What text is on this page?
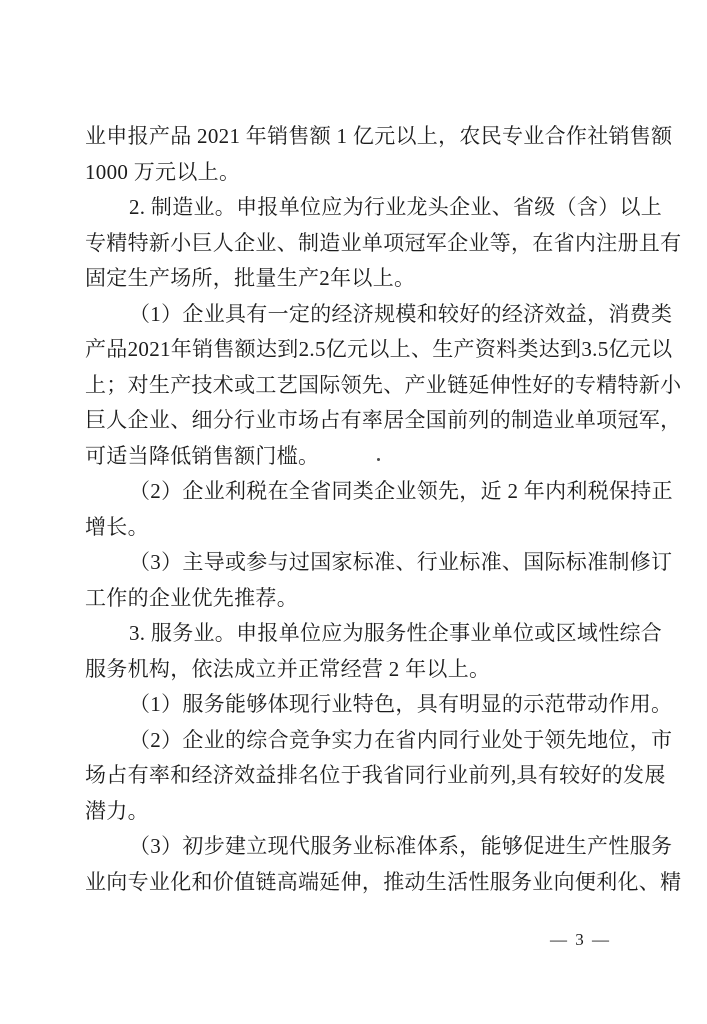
业申报产品 2021 年销售额 1 亿元以上，农民专业合作社销售额
1000 万元以上。
2. 制造业。申报单位应为行业龙头企业、省级（含）以上
专精特新小巨人企业、制造业单项冠军企业等，在省内注册且有
固定生产场所，批量生产2年以上。
（1）企业具有一定的经济规模和较好的经济效益，消费类
产品2021年销售额达到2.5亿元以上、生产资料类达到3.5亿元以
上；对生产技术或工艺国际领先、产业链延伸性好的专精特新小
巨人企业、细分行业市场占有率居全国前列的制造业单项冠军，
可适当降低销售额门槛。
（2）企业利税在全省同类企业领先，近 2 年内利税保持正
增长。
（3）主导或参与过国家标准、行业标准、国际标准制修订
工作的企业优先推荐。
3. 服务业。申报单位应为服务性企事业单位或区域性综合
服务机构，依法成立并正常经营 2 年以上。
（1）服务能够体现行业特色，具有明显的示范带动作用。
（2）企业的综合竞争实力在省内同行业处于领先地位，市
场占有率和经济效益排名位于我省同行业前列,具有较好的发展
潜力。
（3）初步建立现代服务业标准体系，能够促进生产性服务
业向专业化和价值链高端延伸，推动生活性服务业向便利化、精
— 3 —
